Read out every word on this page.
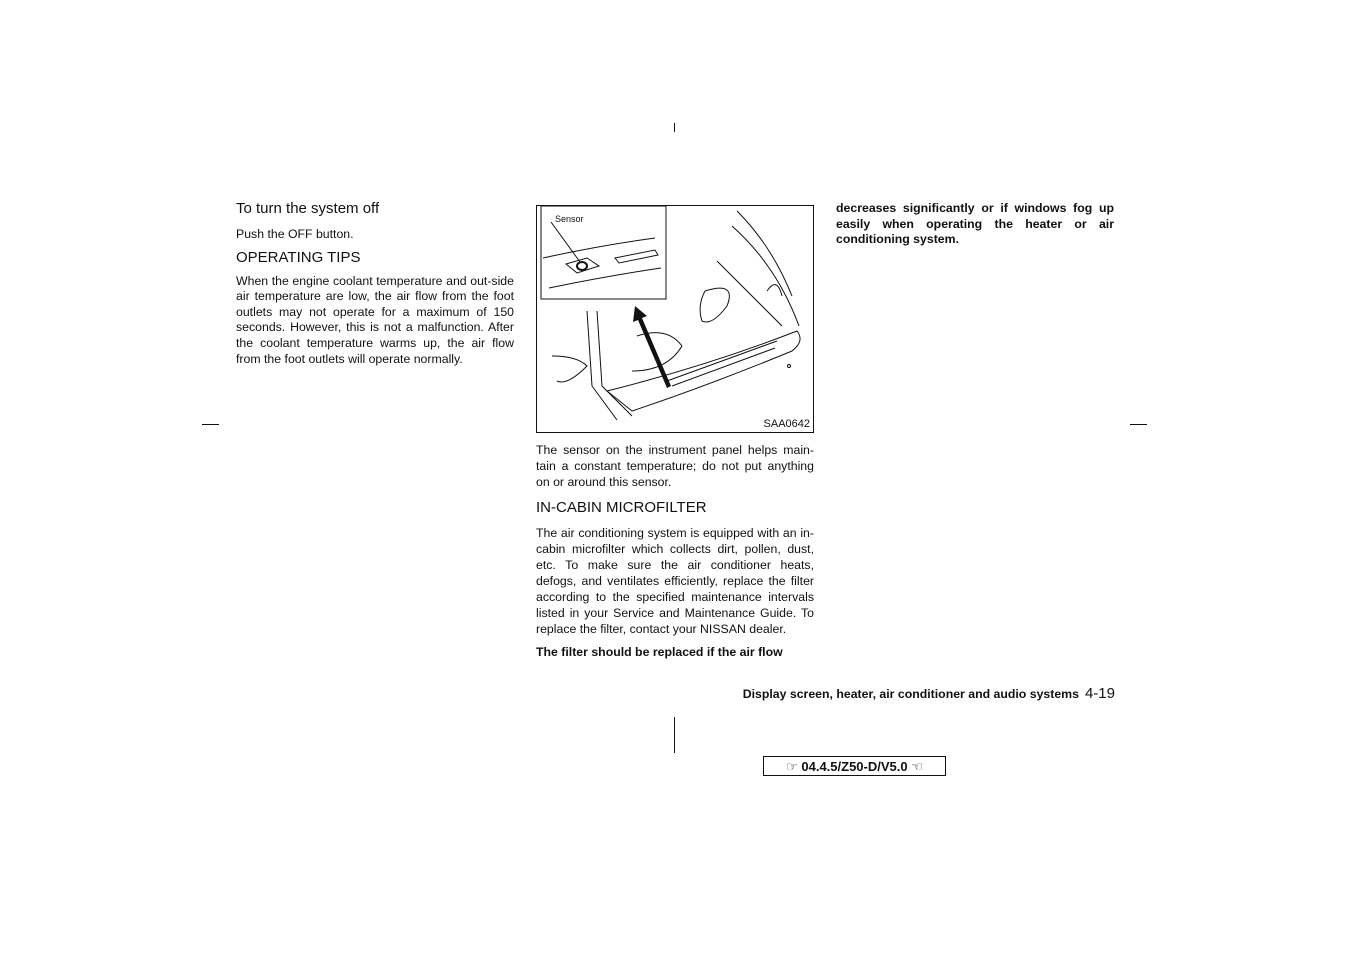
To turn the system off

Push the OFF button.

OPERATING TIPS

When the engine coolant temperature and out-side air temperature are low, the air flow from the foot outlets may not operate for a maximum of 150 seconds. However, this is not a malfunction. After the coolant temperature warms up, the air flow from the foot outlets will operate normally.

Sensor
SAA0642

The sensor on the instrument panel helps main-tain a constant temperature; do not put anything on or around this sensor.

IN-CABIN MICROFILTER

The air conditioning system is equipped with an in-cabin microfilter which collects dirt, pollen, dust, etc. To make sure the air conditioner heats, defogs, and ventilates efficiently, replace the filter according to the specified maintenance intervals listed in your Service and Maintenance Guide. To replace the filter, contact your NISSAN dealer.

The filter should be replaced if the air flow

decreases significantly or if windows fog up easily when operating the heater or air conditioning system.

Display screen, heater, air conditioner and audio systems 4-19
☞ 04.4.5/Z50-D/V5.0 ☜
